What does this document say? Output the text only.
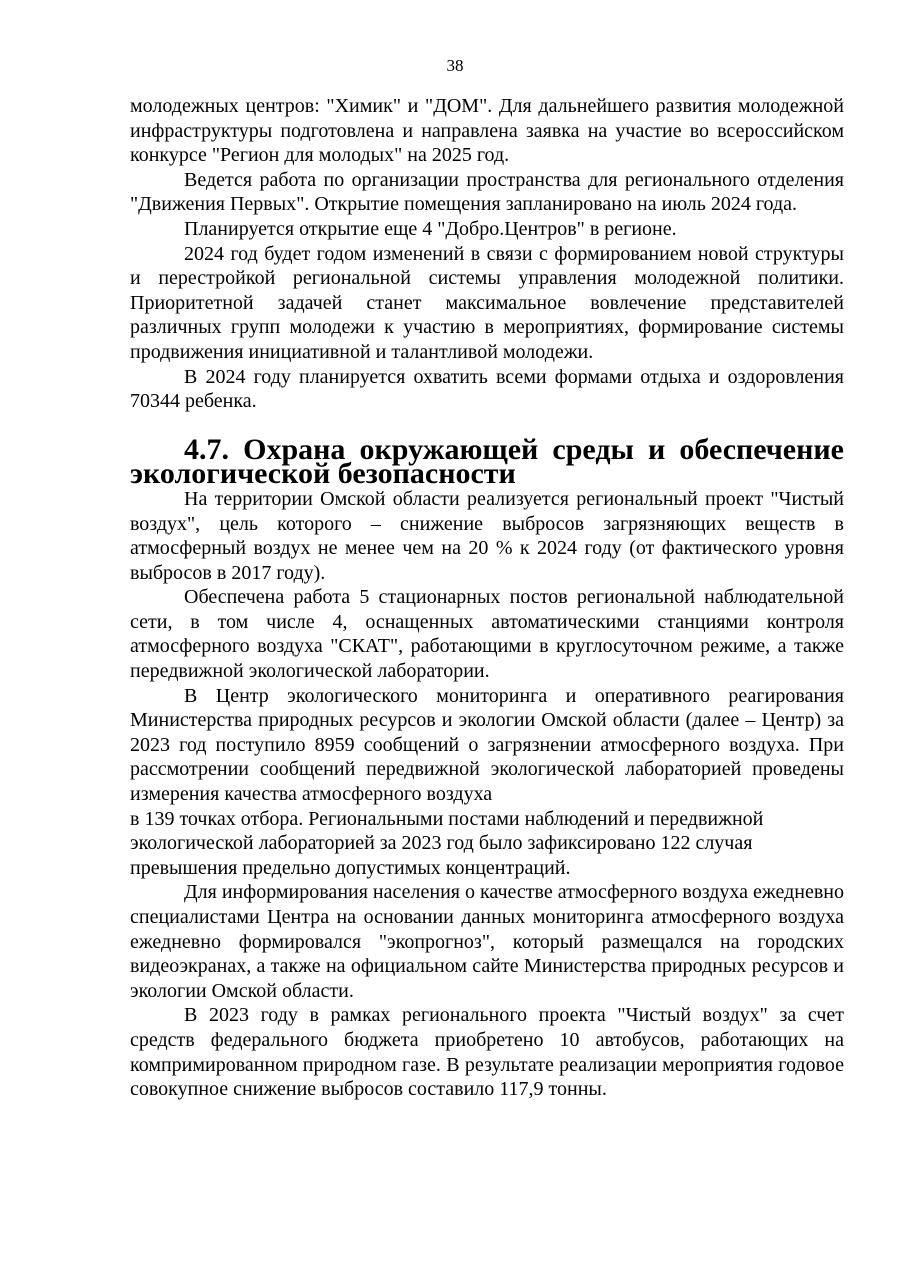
38

молодежных центров: "Химик" и "ДОМ". Для дальнейшего развития молодежной инфраструктуры подготовлена и направлена заявка на участие во всероссийском конкурсе "Регион для молодых" на 2025 год.

Ведется работа по организации пространства для регионального отделения "Движения Первых". Открытие помещения запланировано на июль 2024 года.

Планируется открытие еще 4 "Добро.Центров" в регионе.

2024 год будет годом изменений в связи с формированием новой структуры и перестройкой региональной системы управления молодежной политики. Приоритетной задачей станет максимальное вовлечение представителей различных групп молодежи к участию в мероприятиях, формирование системы продвижения инициативной и талантливой молодежи.

В 2024 году планируется охватить всеми формами отдыха и оздоровления 70344 ребенка.

4.7. Охрана окружающей среды и обеспечение экологической безопасности

На территории Омской области реализуется региональный проект "Чистый воздух", цель которого – снижение выбросов загрязняющих веществ в атмосферный воздух не менее чем на 20 % к 2024 году (от фактического уровня выбросов в 2017 году).

Обеспечена работа 5 стационарных постов региональной наблюдательной сети, в том числе 4, оснащенных автоматическими станциями контроля атмосферного воздуха "СКАТ", работающими в круглосуточном режиме, а также передвижной экологической лаборатории.

В Центр экологического мониторинга и оперативного реагирования Министерства природных ресурсов и экологии Омской области (далее – Центр) за 2023 год поступило 8959 сообщений о загрязнении атмосферного воздуха. При рассмотрении сообщений передвижной экологической лабораторией проведены измерения качества атмосферного воздуха

в 139 точках отбора. Региональными постами наблюдений и передвижной экологической лабораторией за 2023 год было зафиксировано 122 случая превышения предельно допустимых концентраций.

Для информирования населения о качестве атмосферного воздуха ежедневно специалистами Центра на основании данных мониторинга атмосферного воздуха ежедневно формировался "экопрогноз", который размещался на городских видеоэкранах, а также на официальном сайте Министерства природных ресурсов и экологии Омской области.

В 2023 году в рамках регионального проекта "Чистый воздух" за счет средств федерального бюджета приобретено 10 автобусов, работающих на компримированном природном газе. В результате реализации мероприятия годовое совокупное снижение выбросов составило 117,9 тонны.
